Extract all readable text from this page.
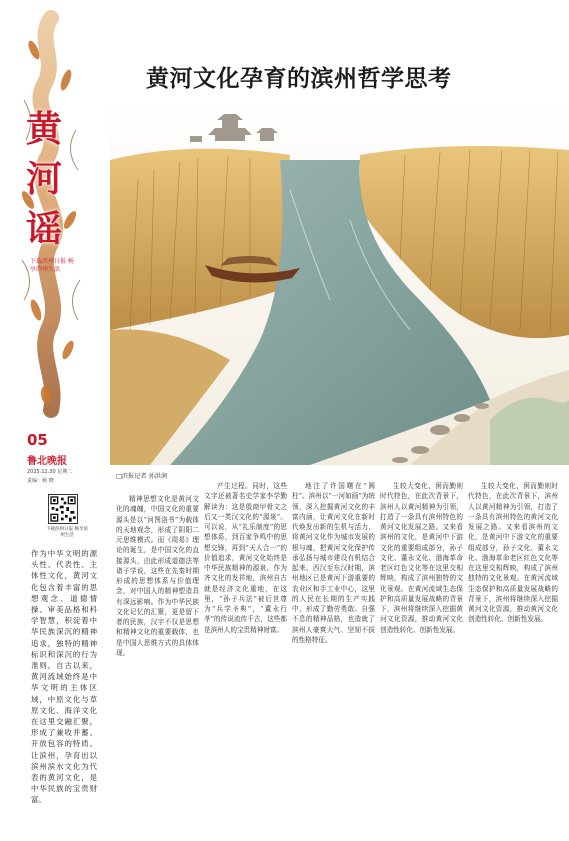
黄河谣
下载滨州日报 畅享滨州生活
05
鲁北晚报
2025.12.30 星期二
责编：杨 晓
下载滨州日报 畅享滨州生活
作为中华文明的源头性、代表性、主体性文化，黄河文化包含着丰富的思想观念、道德情操、审美品格和科学智慧，积淀着中华民族深沉的精神追求，独特的精神标识和深沉的行为准则。自古以来，黄河流域始终是中华文明的主体区域，中原文化与草原文化、海洋文化在这里交融汇聚，形成了兼收并蓄、开放包容的特质。让滨州，孕育出以滨州滨水文化为代表的黄河文化，是中华民族的宝贵财富。
黄河文化孕育的滨州哲学思考
□滨报记者 孙洪润
精神思想文化是黄河文化的魂魄，中国文化的重要源头是以“河图洛书”为载体的天地观念，形成了阴阳二元思维模式。而《周易》理论的诞生，是中国文化的直接源头，由此形成道德法等诸子学说，这些在先秦时期形成的思想体系与价值理念，对中国人的精神塑造具有深远影响。作为中华民族文化记忆的汇聚，更是留下者的民族，汉字不仅是思想和精神文化的重要载体，也是中国人思维方式的具体体现。
产生过程。同时，这些文字还被著名史学家李学勤解读为：这是殷商甲骨文之后又一类汉文化的“源泉”。可以说，从“礼乐制度”的思想体系，到百家争鸣中的思想交锋，再到“天人合一”的价值追求，黄河文化始终是中华民族精神的源泉。作为齐文化的发祥地，滨州自古就是经济文化重地，在这里，“孙子兵法”被后世尊为“兵学圣典”，“董永行孝”的传说流传千古，这些都是滨州人的宝贵精神财富。
地注了许国曙在“圆柱”。滨州以“一河如画”为统领，深入挖掘黄河文化的丰富内涵，让黄河文化在新时代焕发出新的生机与活力，将黄河文化作为城市发展的根与魂，把黄河文化保护传承弘扬与城市建设有机结合起来。西汉至东汉时期，滨州地区已是黄河下游重要的农业区和手工业中心，这里的人民在长期的生产实践中，形成了勤劳勇敢、自强不息的精神品格，也造就了滨州人豪爽大气、坚韧不拔的性格特征。
生较大变化，困而勤则时代特色，在此次背景下，滨州人以黄河精神为引领，打造了一条具有滨州特色的黄河文化发展之路。又来看滨州的文化，是黄河中下游文化的重要组成部分，孙子文化、董永文化、渤海革命老区红色文化等在这里交相辉映，构成了滨州独特的文化景观。在黄河流域生态保护和高质量发展战略的背景下，滨州将继续深入挖掘黄河文化资源，推动黄河文化创造性转化、创新性发展。
生较大变化，困而勤则时代特色，在此次背景下，滨州人以黄河精神为引领，打造了一条具有滨州特色的黄河文化发展之路。又来看滨州的文化，是黄河中下游文化的重要组成部分，孙子文化、董永文化、渤海革命老区红色文化等在这里交相辉映，构成了滨州独特的文化景观。在黄河流域生态保护和高质量发展战略的背景下，滨州将继续深入挖掘黄河文化资源，推动黄河文化创造性转化、创新性发展。
